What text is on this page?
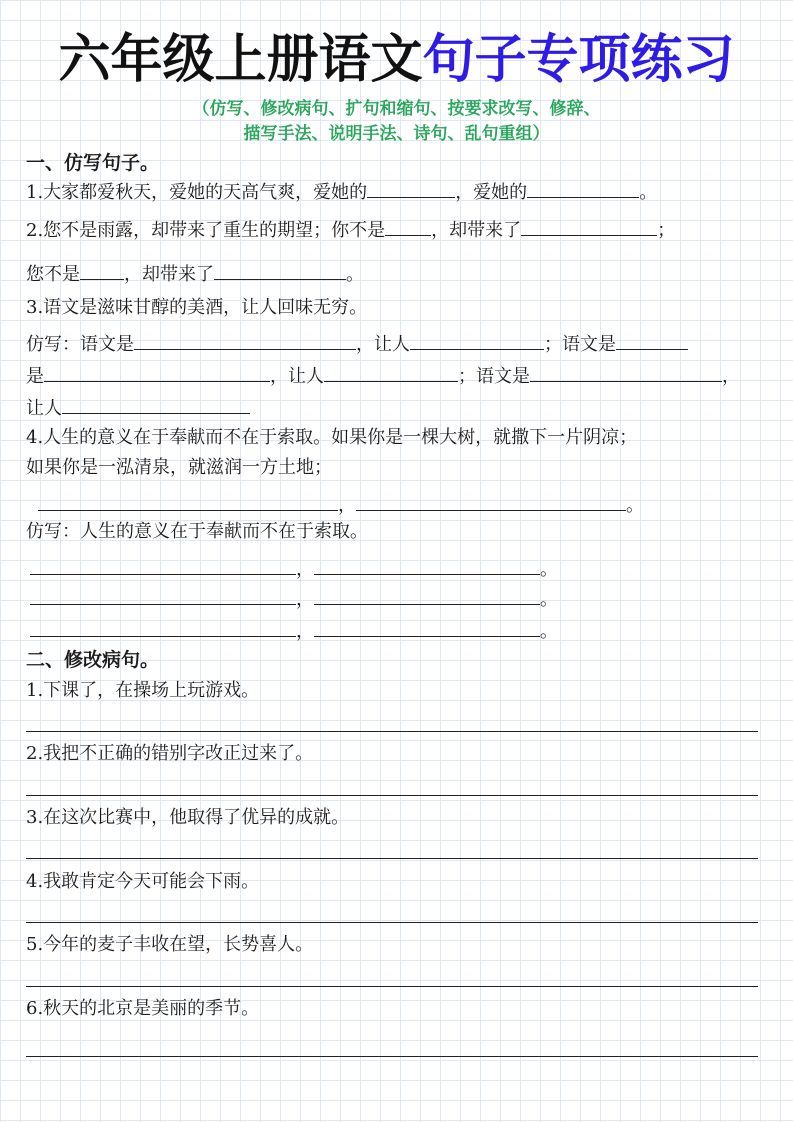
六年级上册语文句子专项练习
（仿写、修改病句、扩句和缩句、按要求改写、修辞、
描写手法、说明手法、诗句、乱句重组）
一、仿写句子。
1.大家都爱秋天，爱她的天高气爽，爱她的	，爱她的	。
2.您不是雨露，却带来了重生的期望；你不是	，却带来了	；
您不是 ，却带来了	。
3.语文是滋味甘醇的美酒，让人回味无穷。
仿写：语文是	，让人	；语文是
是	，让人	；语文是	，
让人
4.人生的意义在于奉献而不在于索取。如果你是一棵大树，就撒下一片阴凉；
如果你是一泓清泉，就滋润一方土地；
，	。
仿写：人生的意义在于奉献而不在于索取。
，	。
，	。
，	。
二、修改病句。
1.下课了，在操场上玩游戏。
2.我把不正确的错别字改正过来了。
3.在这次比赛中，他取得了优异的成就。
4.我敢肯定今天可能会下雨。
5.今年的麦子丰收在望，长势喜人。
6.秋天的北京是美丽的季节。
